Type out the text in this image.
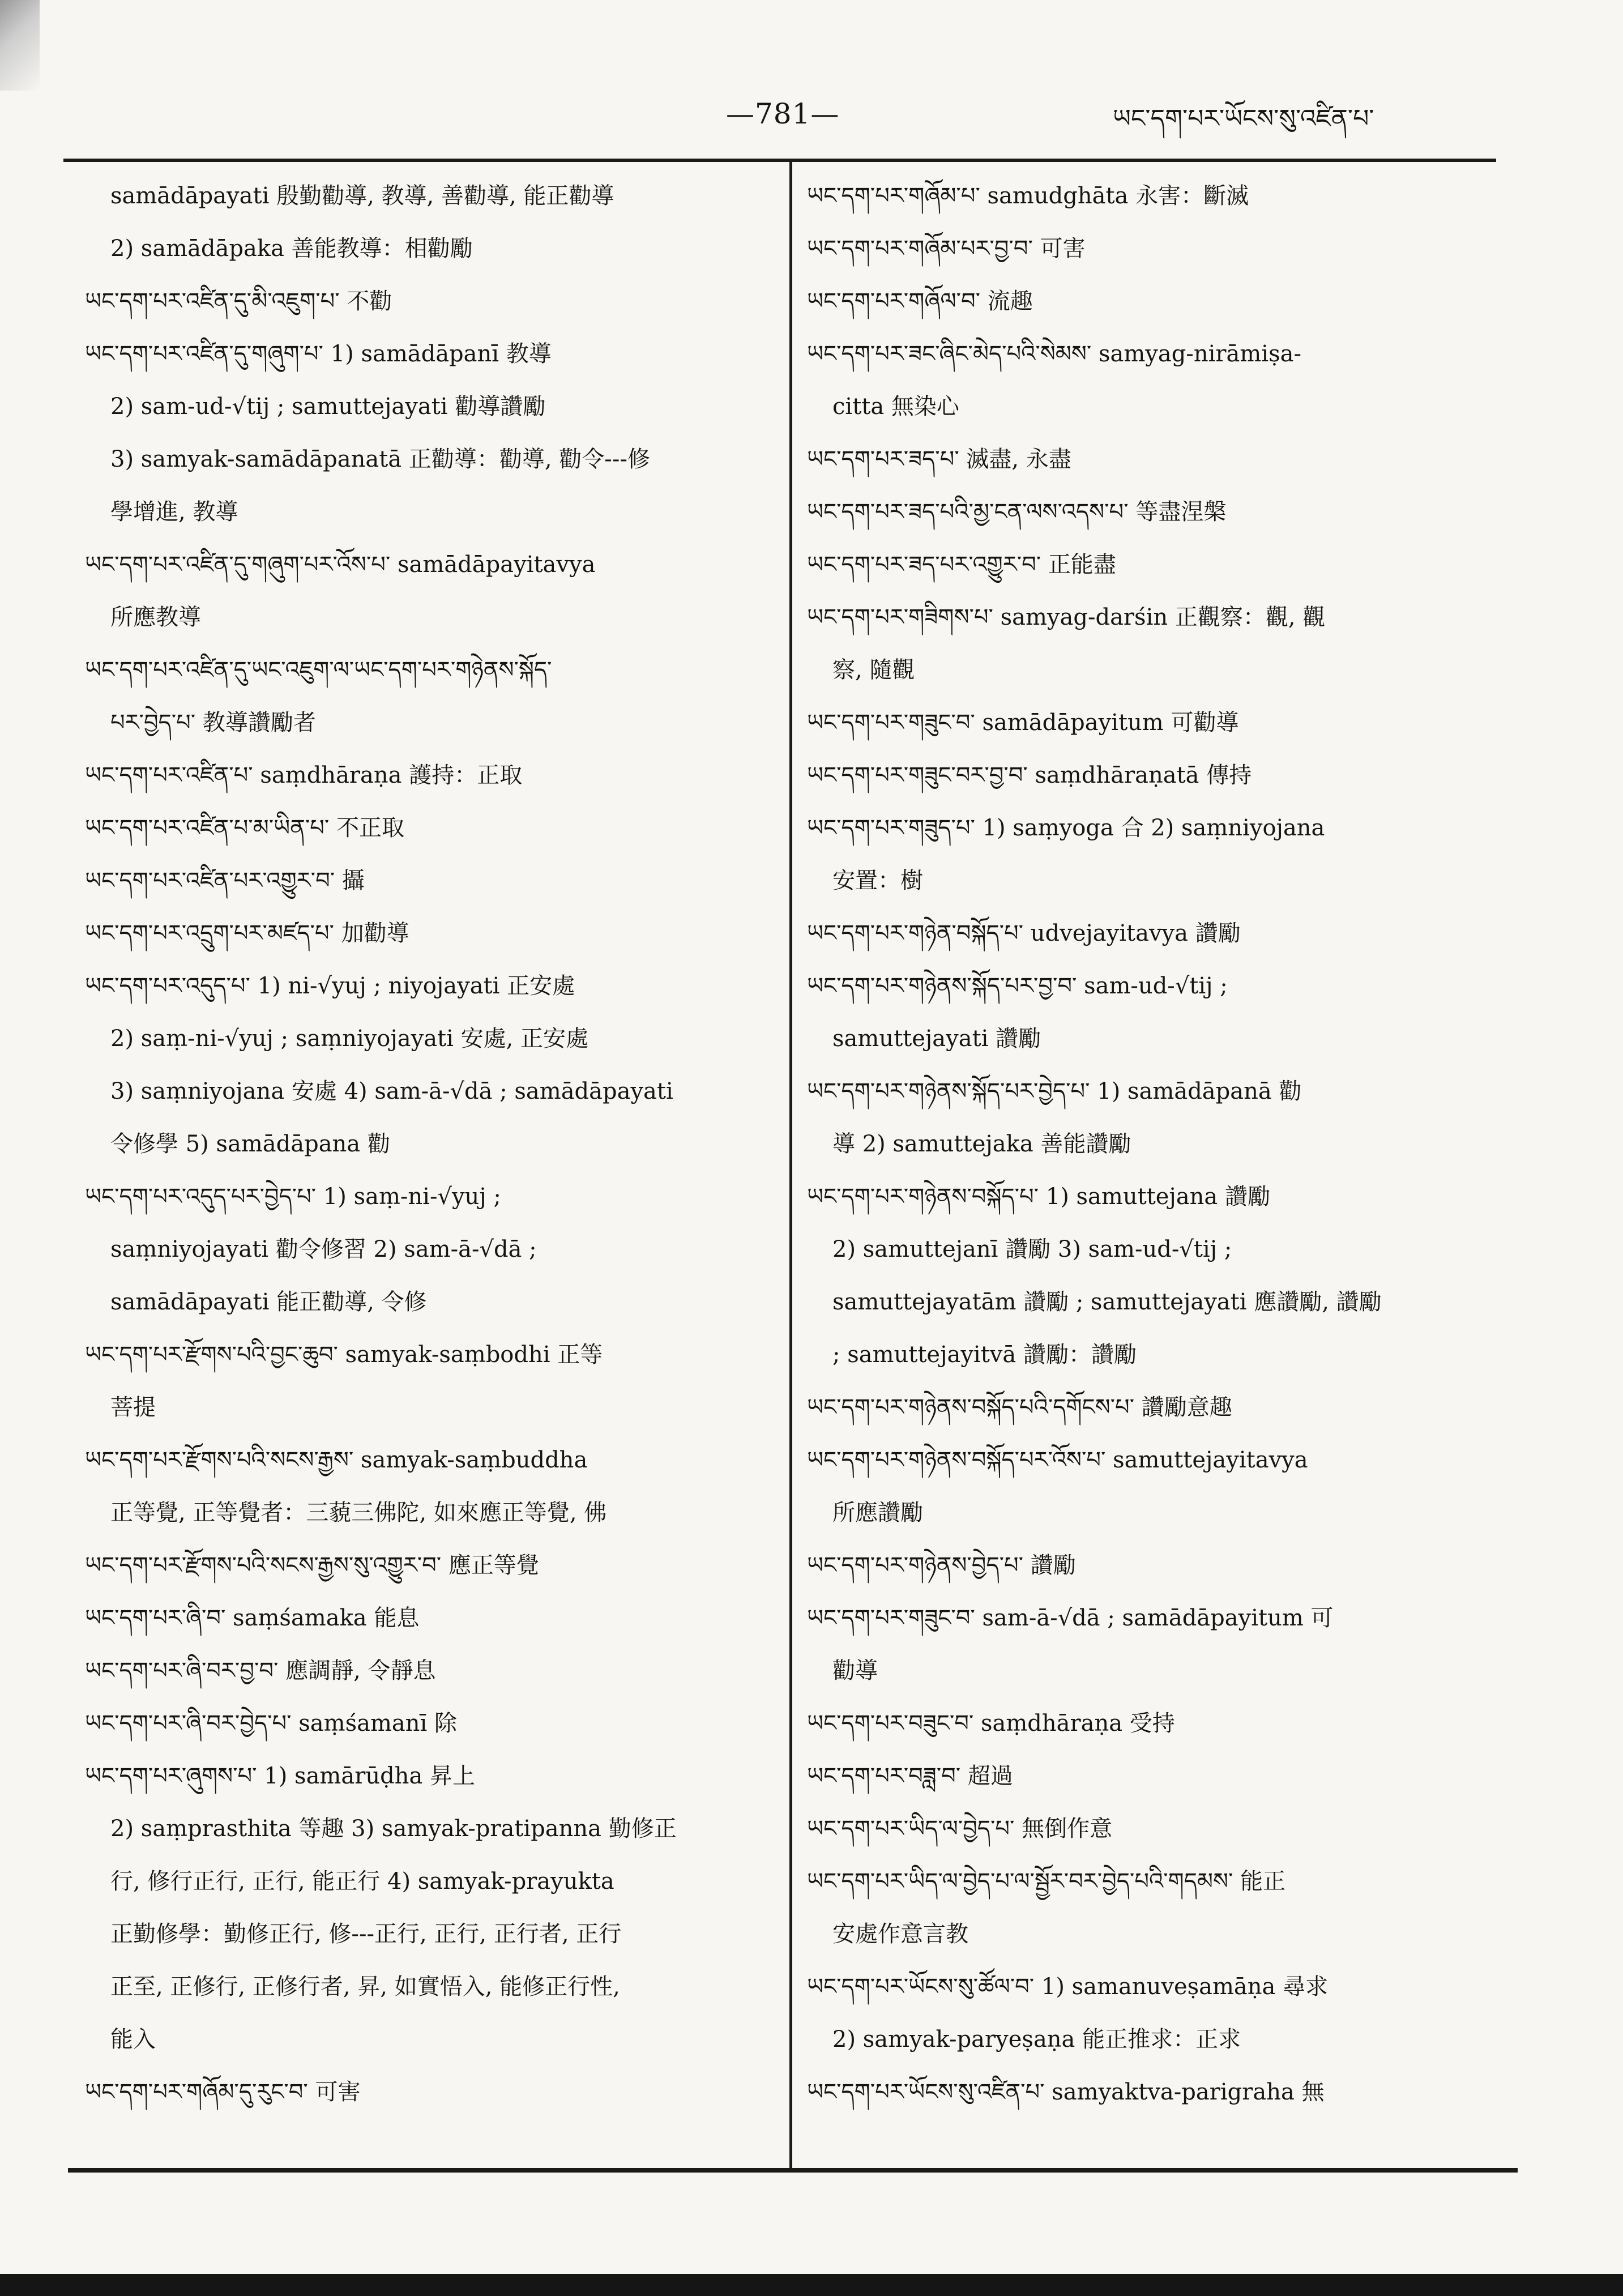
—781—	ཡང་དག་པར་ཡོངས་སུ་འཛིན་པ་
samādāpayati 殷勤勸導, 教導, 善勸導, 能正勸導
2) samādāpaka 善能教導：相勸勵
ཡང་དག་པར་འཛིན་དུ་མི་འཇུག་པ་ 不勸
ཡང་དག་པར་འཛིན་དུ་གཞུག་པ་ 1) samādāpanī 教導
2) sam-ud-√tij ; samuttejayati 勸導讚勵
3) samyak-samādāpanatā 正勸導：勸導, 勸令---修
學增進, 教導
ཡང་དག་པར་འཛིན་དུ་གཞུག་པར་འོས་པ་ samādāpayitavya
所應教導
ཡང་དག་པར་འཛིན་དུ་ཡང་འཇུག་ལ་ཡང་དག་པར་གཉེནས་སྐོད་
པར་བྱེད་པ་ 教導讚勵者
ཡང་དག་པར་འཛིན་པ་ saṃdhāraṇa 護持：正取
ཡང་དག་པར་འཛིན་པ་མ་ཡིན་པ་ 不正取
ཡང་དག་པར་འཛིན་པར་འགྱུར་བ་ 攝
ཡང་དག་པར་འདྲུག་པར་མཛད་པ་ 加勸導
ཡང་དག་པར་འདུད་པ་ 1) ni-√yuj ; niyojayati 正安處
2) saṃ-ni-√yuj ; saṃniyojayati 安處, 正安處
3) saṃniyojana 安處 4) sam-ā-√dā ; samādāpayati
令修學 5) samādāpana 勸
ཡང་དག་པར་འདུད་པར་བྱེད་པ་ 1) saṃ-ni-√yuj ;
saṃniyojayati 勸令修習 2) sam-ā-√dā ;
samādāpayati 能正勸導, 令修
ཡང་དག་པར་རྫོགས་པའི་བྱང་ཆུབ་ samyak-saṃbodhi 正等
菩提
ཡང་དག་པར་རྫོགས་པའི་སངས་རྒྱས་ samyak-saṃbuddha
正等覺, 正等覺者：三藐三佛陀, 如來應正等覺, 佛
ཡང་དག་པར་རྫོགས་པའི་སངས་རྒྱས་སུ་འགྱུར་བ་ 應正等覺
ཡང་དག་པར་ཞི་བ་ saṃśamaka 能息
ཡང་དག་པར་ཞི་བར་བྱ་བ་ 應調靜, 令靜息
ཡང་དག་པར་ཞི་བར་བྱེད་པ་ saṃśamanī 除
ཡང་དག་པར་ཞུགས་པ་ 1) samārūḍha 昇上
2) saṃprasthita 等趣 3) samyak-pratipanna 勤修正
行, 修行正行, 正行, 能正行 4) samyak-prayukta
正勤修學：勤修正行, 修---正行, 正行, 正行者, 正行
正至, 正修行, 正修行者, 昇, 如實悟入, 能修正行性,
能入
ཡང་དག་པར་གཞོམ་དུ་རུང་བ་ 可害
ཡང་དག་པར་གཞོམ་པ་ samudghāta 永害：斷滅
ཡང་དག་པར་གཞོམ་པར་བྱ་བ་ 可害
ཡང་དག་པར་གཞོལ་བ་ 流趣
ཡང་དག་པར་ཟང་ཞིང་མེད་པའི་སེམས་ samyag-nirāmiṣa-
citta 無染心
ཡང་དག་པར་ཟད་པ་ 滅盡, 永盡
ཡང་དག་པར་ཟད་པའི་མྱ་ངན་ལས་འདས་པ་ 等盡涅槃
ཡང་དག་པར་ཟད་པར་འགྱུར་བ་ 正能盡
ཡང་དག་པར་གཟིགས་པ་ samyag-darśin 正觀察：觀, 觀
察, 隨觀
ཡང་དག་པར་གཟུང་བ་ samādāpayitum 可勸導
ཡང་དག་པར་གཟུང་བར་བྱ་བ་ saṃdhāraṇatā 傳持
ཡང་དག་པར་གཟུད་པ་ 1) saṃyoga 合 2) saṃniyojana
安置：樹
ཡང་དག་པར་གཉེན་བསྐོད་པ་ udvejayitavya 讚勵
ཡང་དག་པར་གཉེནས་སྐོད་པར་བྱ་བ་ sam-ud-√tij ;
samuttejayati 讚勵
ཡང་དག་པར་གཉེནས་སྐོད་པར་བྱེད་པ་ 1) samādāpanā 勸
導 2) samuttejaka 善能讚勵
ཡང་དག་པར་གཉེནས་བསྐོད་པ་ 1) samuttejana 讚勵
2) samuttejanī 讚勵 3) sam-ud-√tij ;
samuttejayatām 讚勵 ; samuttejayati 應讚勵, 讚勵
; samuttejayitvā 讚勵：讚勵
ཡང་དག་པར་གཉེནས་བསྐོད་པའི་དགོངས་པ་ 讚勵意趣
ཡང་དག་པར་གཉེནས་བསྐོད་པར་འོས་པ་ samuttejayitavya
所應讚勵
ཡང་དག་པར་གཉེནས་བྱེད་པ་ 讚勵
ཡང་དག་པར་གཟུང་བ་ sam-ā-√dā ; samādāpayitum 可
勸導
ཡང་དག་པར་བཟུང་བ་ saṃdhāraṇa 受持
ཡང་དག་པར་བཟླ་བ་ 超過
ཡང་དག་པར་ཡིད་ལ་བྱེད་པ་ 無倒作意
ཡང་དག་པར་ཡིད་ལ་བྱེད་པ་ལ་སྦྱོར་བར་བྱེད་པའི་གདམས་ 能正
安處作意言教
ཡང་དག་པར་ཡོངས་སུ་ཚོལ་བ་ 1) samanuveṣamāṇa 尋求
2) samyak-paryeṣaṇa 能正推求：正求
ཡང་དག་པར་ཡོངས་སུ་འཛིན་པ་ samyaktva-parigraha 無
